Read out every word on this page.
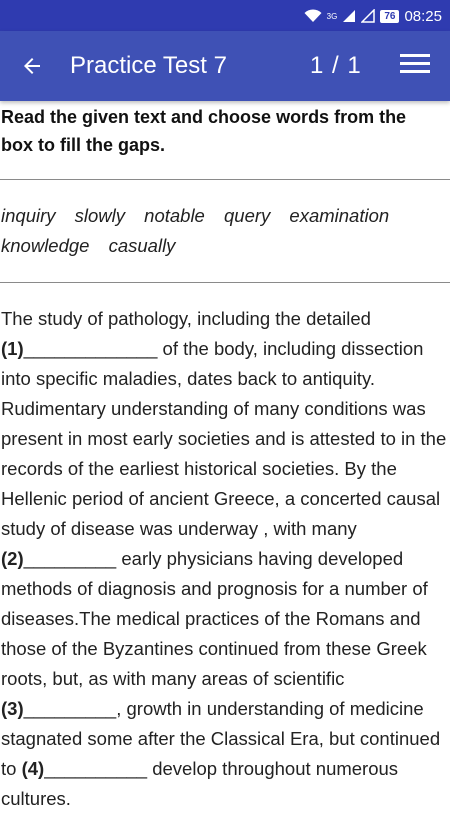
3G	76 08:25
Practice Test 7	1 / 1
Read the given text and choose words from the box to fill the gaps.
inquiry slowly notable query examination knowledge casually
The study of pathology, including the detailed (1)_____________ of the body, including dissection into specific maladies, dates back to antiquity. Rudimentary understanding of many conditions was present in most early societies and is attested to in the records of the earliest historical societies. By the Hellenic period of ancient Greece, a concerted causal study of disease was underway , with many (2)_________ early physicians having developed methods of diagnosis and prognosis for a number of diseases.The medical practices of the Romans and those of the Byzantines continued from these Greek roots, but, as with many areas of scientific (3)_________, growth in understanding of medicine stagnated some after the Classical Era, but continued to (4)__________ develop throughout numerous cultures.
